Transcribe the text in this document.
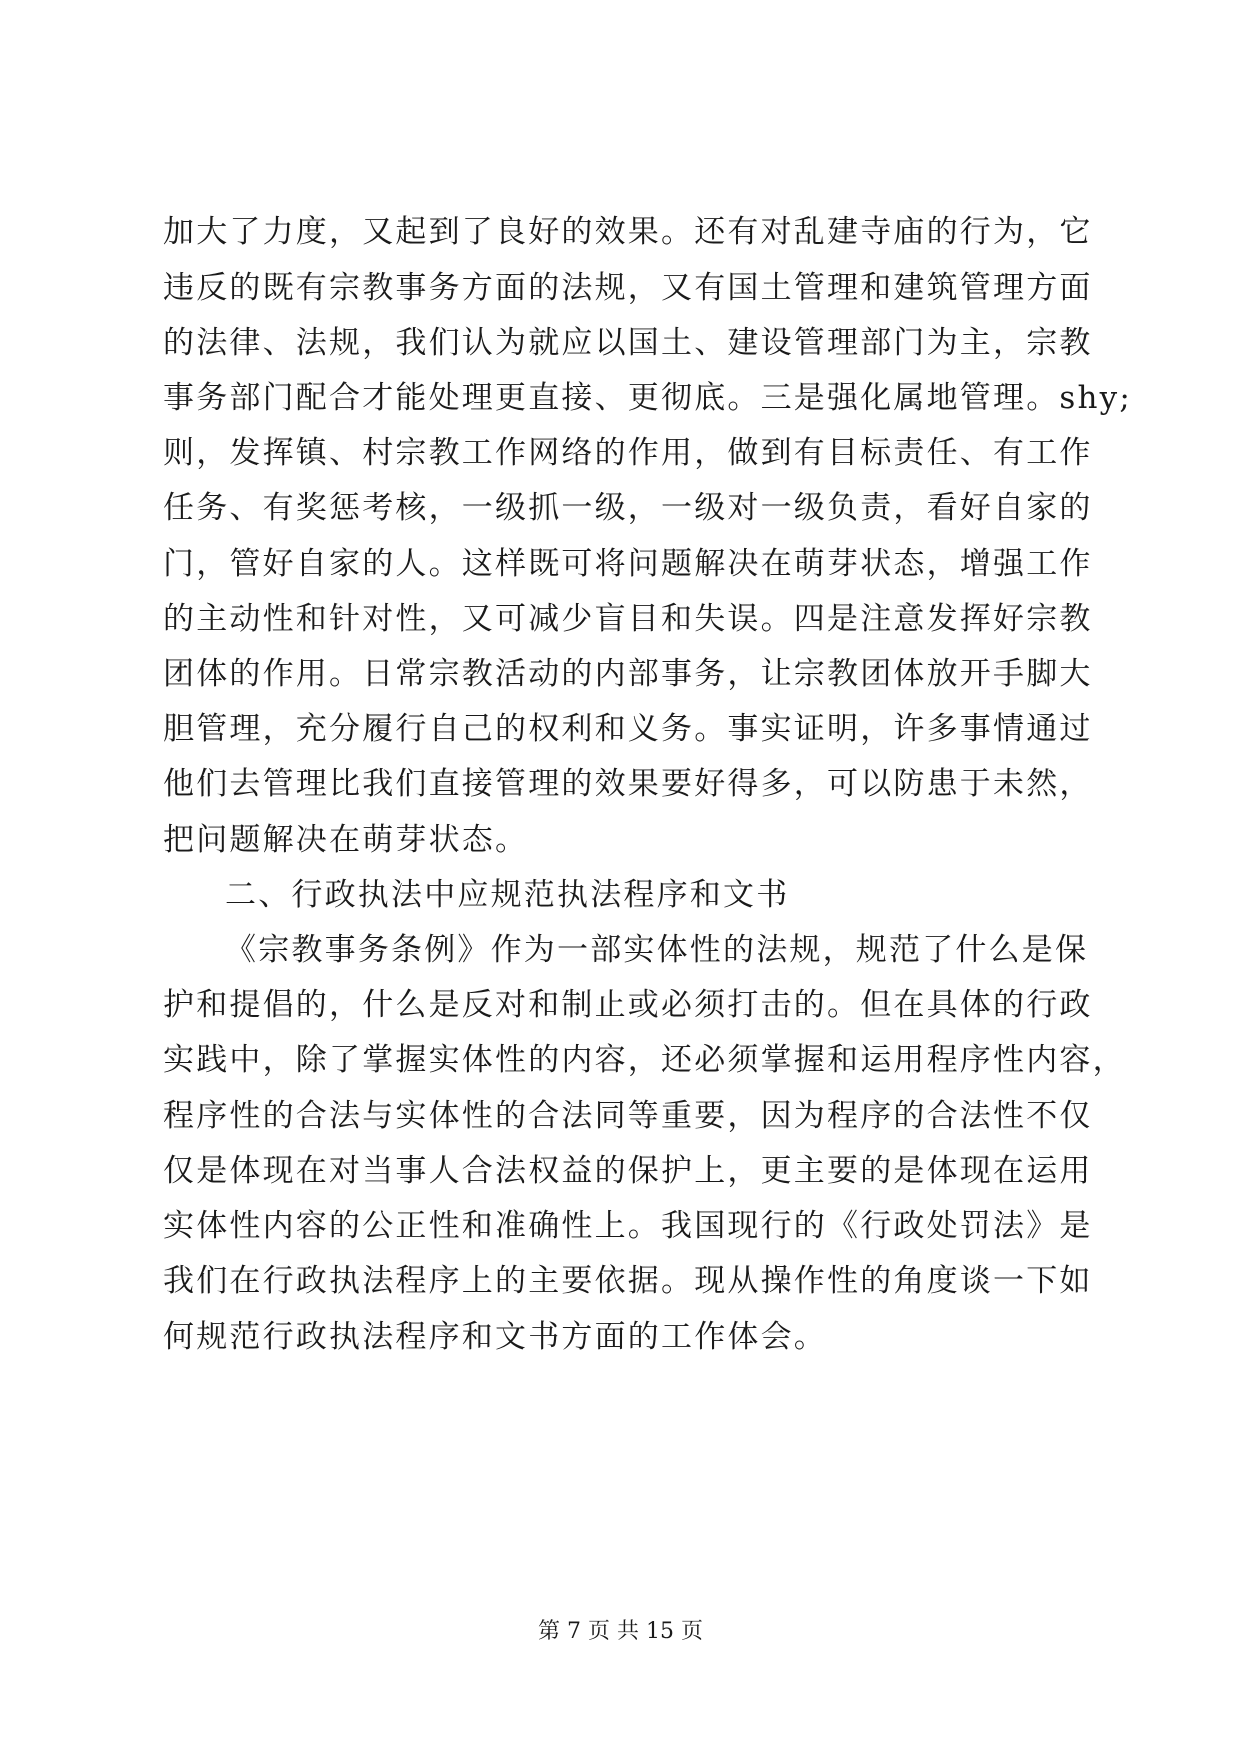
加大了力度，又起到了良好的效果。还有对乱建寺庙的行为，它
违反的既有宗教事务方面的法规，又有国土管理和建筑管理方面
的法律、法规，我们认为就应以国土、建设管理部门为主，宗教
事务部门配合才能处理更直接、更彻底。三是强化属地管理。shy;
则，发挥镇、村宗教工作网络的作用，做到有目标责任、有工作
任务、有奖惩考核，一级抓一级，一级对一级负责，看好自家的
门，管好自家的人。这样既可将问题解决在萌芽状态，增强工作
的主动性和针对性，又可减少盲目和失误。四是注意发挥好宗教
团体的作用。日常宗教活动的内部事务，让宗教团体放开手脚大
胆管理，充分履行自己的权利和义务。事实证明，许多事情通过
他们去管理比我们直接管理的效果要好得多，可以防患于未然，
把问题解决在萌芽状态。
二、行政执法中应规范执法程序和文书
《宗教事务条例》作为一部实体性的法规，规范了什么是保
护和提倡的，什么是反对和制止或必须打击的。但在具体的行政
实践中，除了掌握实体性的内容，还必须掌握和运用程序性内容，
程序性的合法与实体性的合法同等重要，因为程序的合法性不仅
仅是体现在对当事人合法权益的保护上，更主要的是体现在运用
实体性内容的公正性和准确性上。我国现行的《行政处罚法》是
我们在行政执法程序上的主要依据。现从操作性的角度谈一下如
何规范行政执法程序和文书方面的工作体会。
第 7 页 共 15 页
